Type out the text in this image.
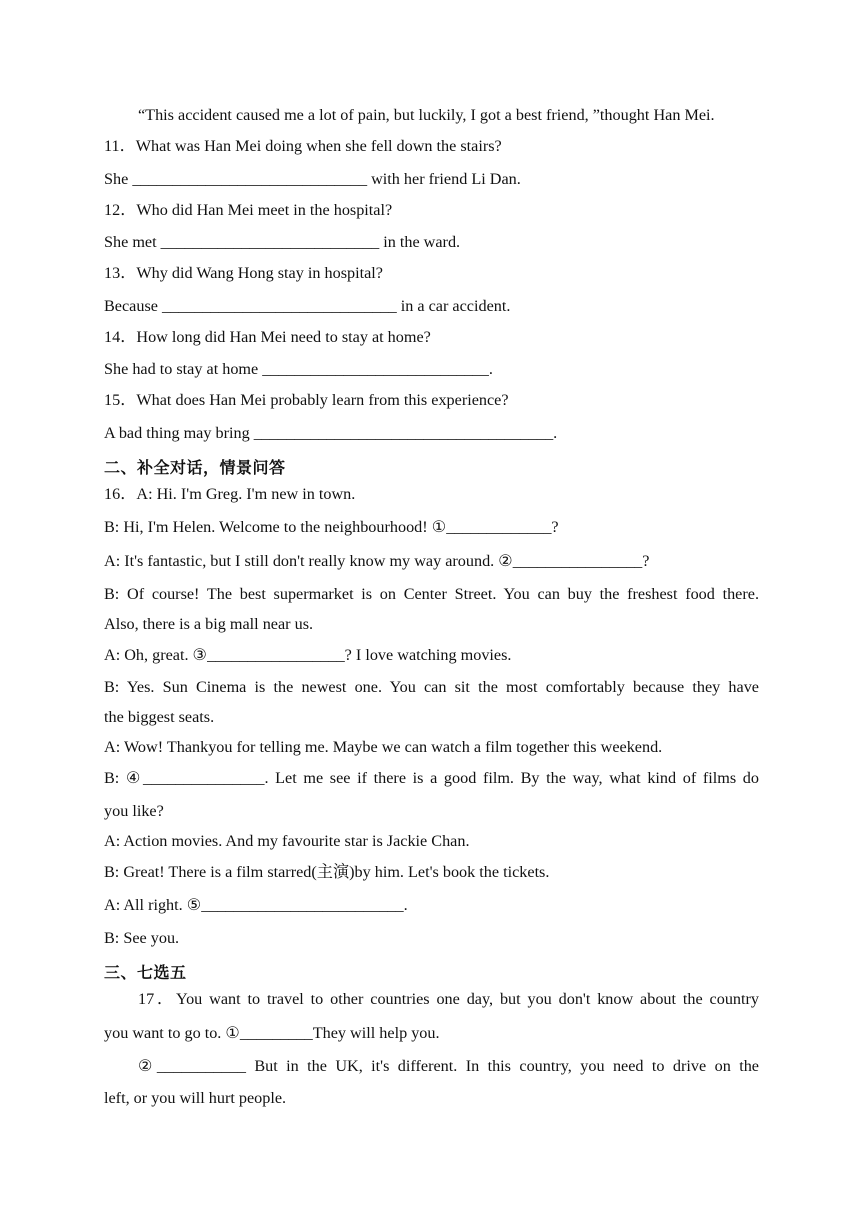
“This accident caused me a lot of pain, but luckily, I got a best friend, ”thought Han Mei.
11．What was Han Mei doing when she fell down the stairs?
She _____________________________ with her friend Li Dan.
12．Who did Han Mei meet in the hospital?
She met ___________________________ in the ward.
13．Why did Wang Hong stay in hospital?
Because _____________________________ in a car accident.
14．How long did Han Mei need to stay at home?
She had to stay at home ____________________________.
15．What does Han Mei probably learn from this experience?
A bad thing may bring _____________________________________.
二、补全对话，情景问答
16．A: Hi. I'm Greg. I'm new in town.
B: Hi, I'm Helen. Welcome to the neighbourhood! ①_____________?
A: It's fantastic, but I still don't really know my way around. ②________________?
B: Of course! The best supermarket is on Center Street. You can buy the freshest food there.
Also, there is a big mall near us.
A: Oh, great. ③_________________? I love watching movies.
B: Yes. Sun Cinema is the newest one. You can sit the most comfortably because they have
the biggest seats.
A: Wow! Thankyou for telling me. Maybe we can watch a film together this weekend.
B: ④_______________. Let me see if there is a good film. By the way, what kind of films do
you like?
A: Action movies. And my favourite star is Jackie Chan.
B: Great! There is a film starred(主演)by him. Let's book the tickets.
A: All right. ⑤_________________________.
B: See you.
三、七选五
17．You want to travel to other countries one day, but you don't know about the country
you want to go to. ①_________They will help you.
②___________ But in the UK, it's different. In this country, you need to drive on the
left, or you will hurt people.
